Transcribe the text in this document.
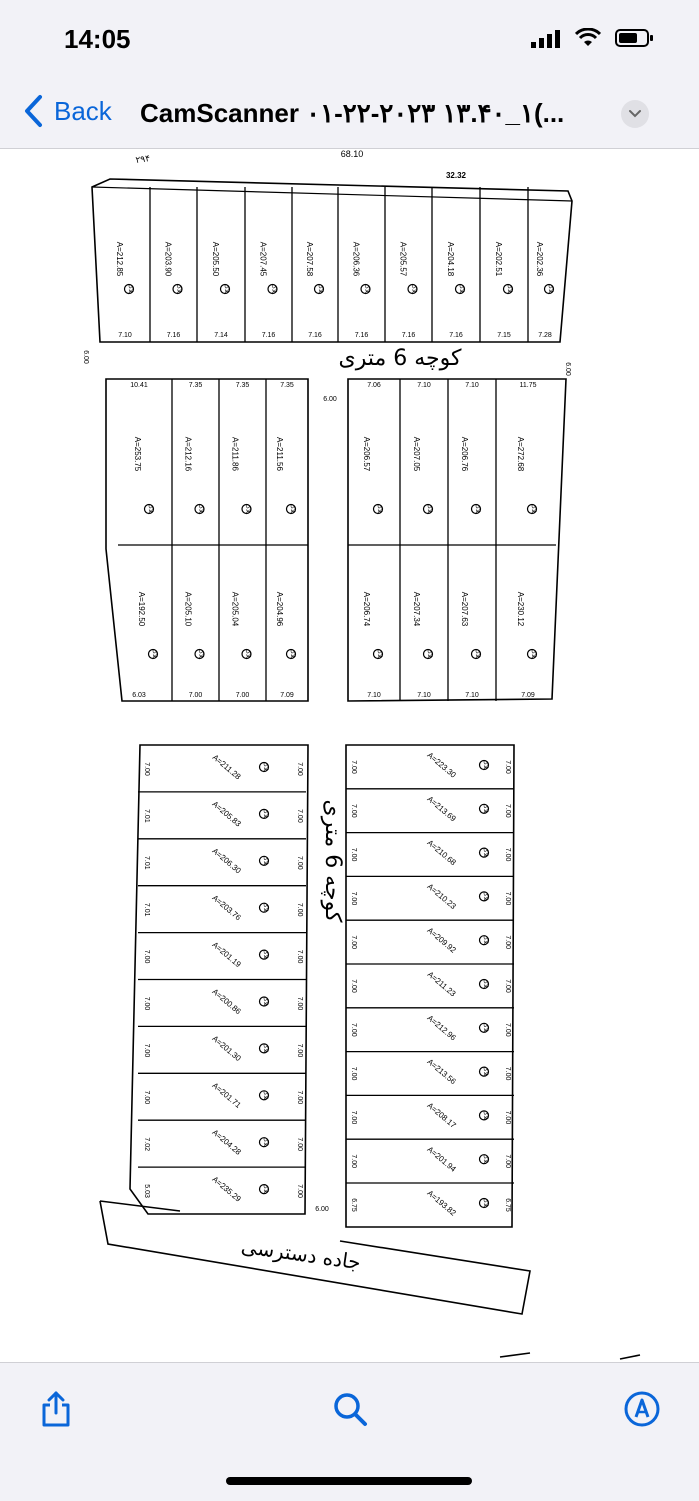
14:05
Back CamScanner ۰۱-۲۲-۲۰۲۳ ۱۳.۴۰_۱(...
68.10
۲۹۴
32.32
کوچه 6 متری
کوچه 6 متری
جاده دسترسی
A=212.85
پلاک
7.10
A=203.90
پلاک
7.16
A=205.50
پلاک
7.14
A=207.45
پلاک
7.16
A=207.58
پلاک
7.16
A=206.36
پلاک
7.16
A=205.57
پلاک
7.16
A=204.18
پلاک
7.16
A=202.51
پلاک
7.15
A=202.36
پلاک
7.28
6.00
6.00
A=253.75
پلاک
A=212.16
پلاک
A=211.86
پلاک
A=211.56
پلاک
A=192.50
پلاک
A=205.10
پلاک
A=205.04
پلاک
A=204.96
پلاک
10.41	7.35	7.35	7.35
A=206.57
پلاک
A=207.05
پلاک
A=206.76
پلاک
A=272.68
پلاک
A=206.74
پلاک
A=207.34
پلاک
A=207.63
پلاک
A=230.12
پلاک
7.06	7.10	7.10	11.75
6.03	7.00	7.00	7.09	7.10	7.10	7.10	7.09
6.00
A=211.28	پلاک
7.00	7.00
A=205.83	پلاک
7.01	7.00
A=206.30	پلاک
7.01	7.00
A=203.76	پلاک
7.01	7.00
A=201.19	پلاک
7.00	7.00
A=200.86	پلاک
7.00	7.00
A=201.30	پلاک
7.00	7.00
A=201.71	پلاک
7.00	7.00
A=204.28	پلاک
7.02	7.00
A=235.29	پلاک
5.03	7.00
A=223.30	پلاک
7.00	7.00
A=213.69	پلاک
7.00	7.00
A=210.68	پلاک
7.00	7.00
A=210.23	پلاک
7.00	7.00
A=209.92	پلاک
7.00	7.00
A=211.23	پلاک
7.00	7.00
A=212.96	پلاک
7.00	7.00
A=213.56	پلاک
7.00	7.00
A=208.17	پلاک
7.00	7.00
A=201.94	پلاک
7.00	7.00
A=193.82	پلاک
6.75	6.75
6.00
